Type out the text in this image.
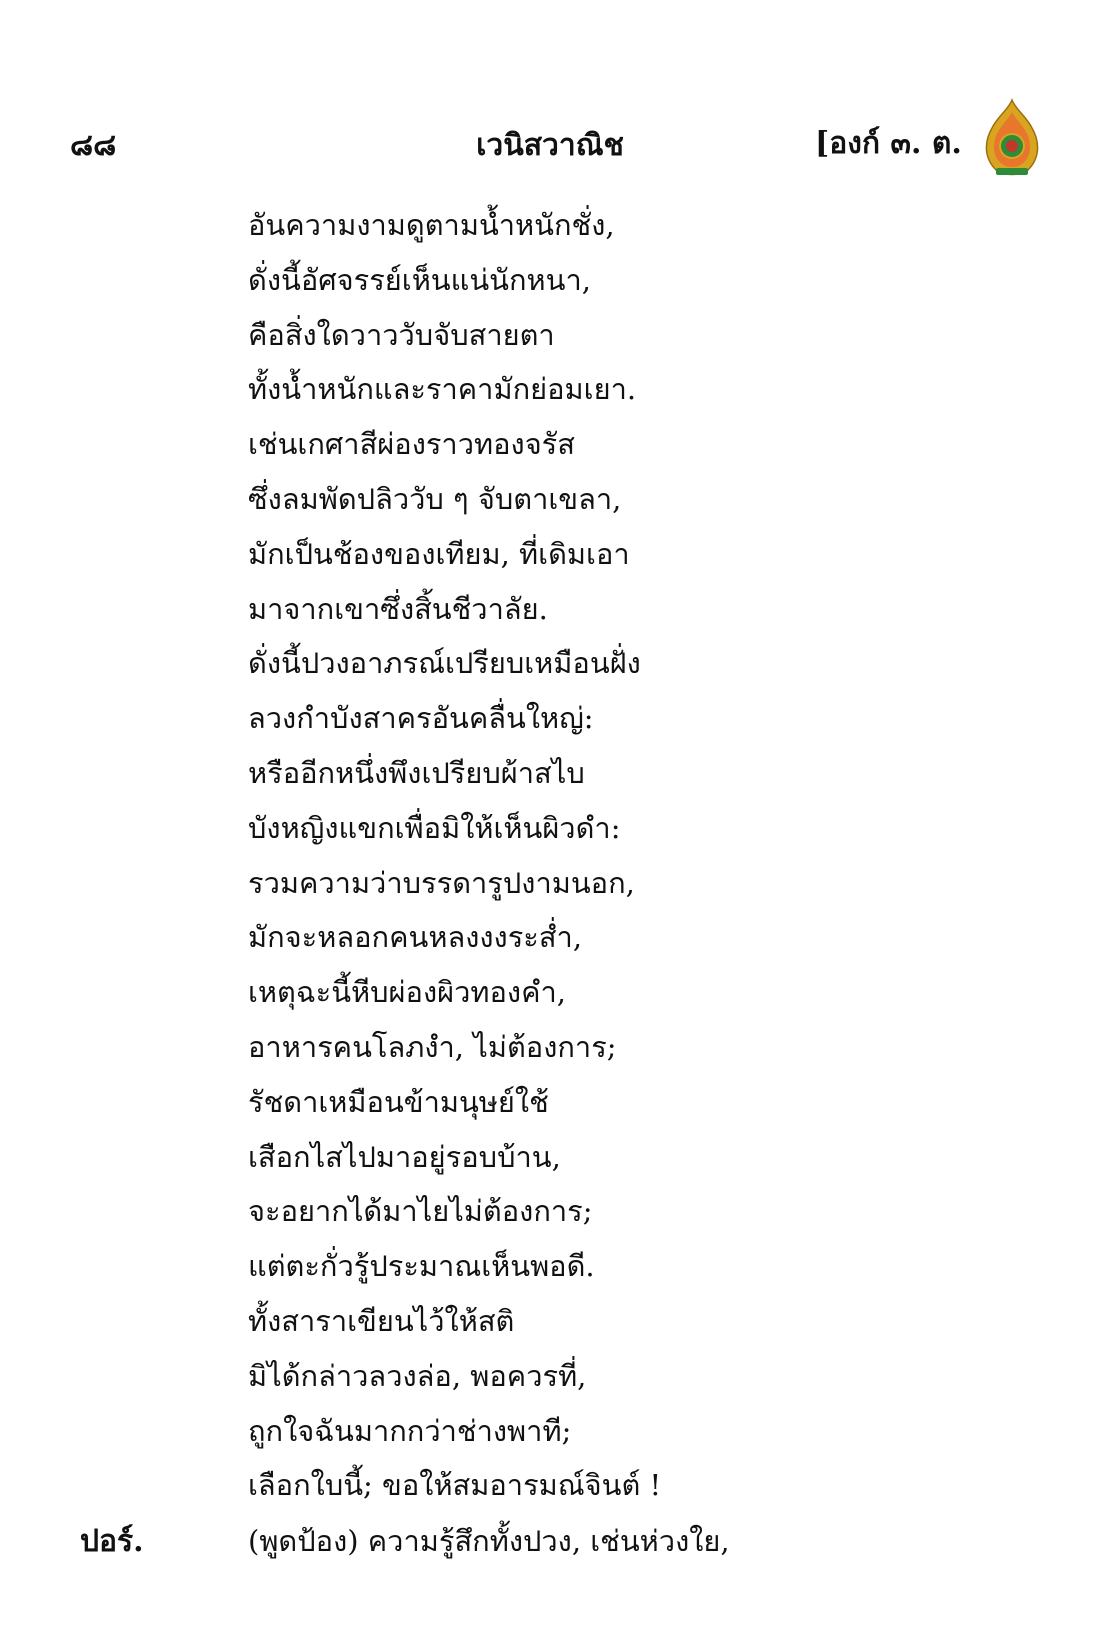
๘๘	เวนิสวาณิช	[องก์ ๓. ต.
อันความงามดูตามน้ำหนักชั่ง,
ดั่งนี้อัศจรรย์เห็นแน่นักหนา,
คือสิ่งใดวาววับจับสายตา
ทั้งน้ำหนักและราคามักย่อมเยา.
เช่นเกศาสีผ่องราวทองจรัส
ซึ่งลมพัดปลิววับ ๆ จับตาเขลา,
มักเป็นช้องของเทียม, ที่เดิมเอา
มาจากเขาซึ่งสิ้นชีวาลัย.
ดั่งนี้ปวงอาภรณ์เปรียบเหมือนฝั่ง
ลวงกำบังสาครอันคลื่นใหญ่:
หรืออีกหนึ่งพึงเปรียบผ้าสไบ
บังหญิงแขกเพื่อมิให้เห็นผิวดำ:
รวมความว่าบรรดารูปงามนอก,
มักจะหลอกคนหลงงงระส่ำ,
เหตุฉะนี้หีบผ่องผิวทองคำ,
อาหารคนโลภงำ, ไม่ต้องการ;
รัชดาเหมือนข้ามนุษย์ใช้
เสือกไสไปมาอยู่รอบบ้าน,
จะอยากได้มาไยไม่ต้องการ;
แต่ตะกั่วรู้ประมาณเห็นพอดี.
ทั้งสาราเขียนไว้ให้สติ
มิได้กล่าวลวงล่อ, พอควรที่,
ถูกใจฉันมากกว่าช่างพาที;
เลือกใบนี้; ขอให้สมอารมณ์จินต์ !
ปอร์.	(พูดป้อง) ความรู้สึกทั้งปวง, เช่นห่วงใย,
